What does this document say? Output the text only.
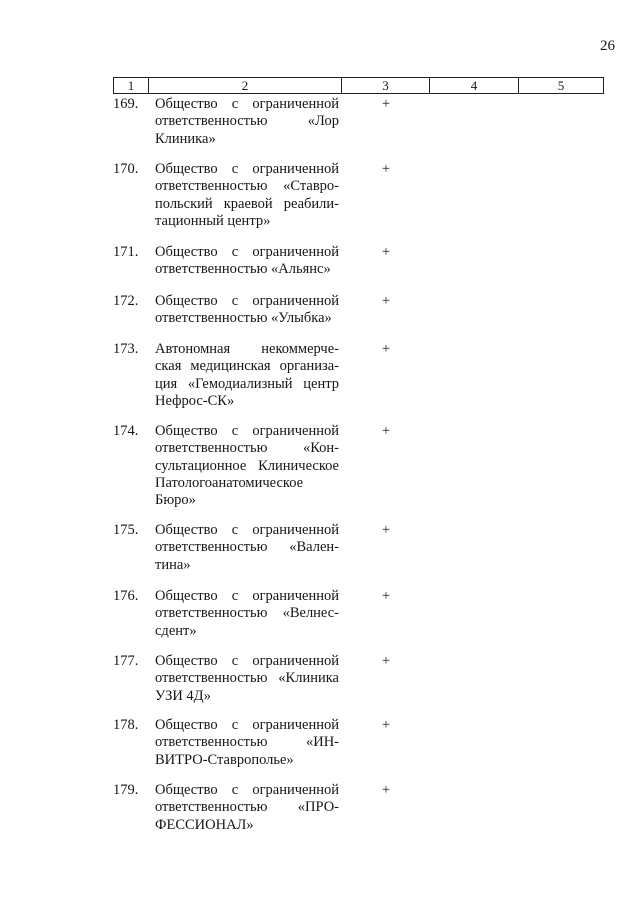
26
1	2	3	4	5
169.	Общество с ограниченной
ответственностью «Лор
Клиника»
+
170.	Общество с ограниченной
ответственностью «Ставро-
польский краевой реабили-
тационный центр»
+
171.	Общество с ограниченной
ответственностью «Альянс»
+
172.	Общество с ограниченной
ответственностью «Улыбка»
+
173.	Автономная некоммерче-
ская медицинская организа-
ция «Гемодиализный центр
Нефрос-СК»
+
174.	Общество с ограниченной
ответственностью «Кон-
сультационное Клиническое
Патологоанатомическое
Бюро»
+
175.	Общество с ограниченной
ответственностью «Вален-
тина»
+
176.	Общество с ограниченной
ответственностью «Велнес-
сдент»
+
177.	Общество с ограниченной
ответственностью «Клиника
УЗИ 4Д»
+
178.	Общество с ограниченной
ответственностью «ИН-
ВИТРО-Ставрополье»
+
179.	Общество с ограниченной
ответственностью «ПРО-
ФЕССИОНАЛ»
+
